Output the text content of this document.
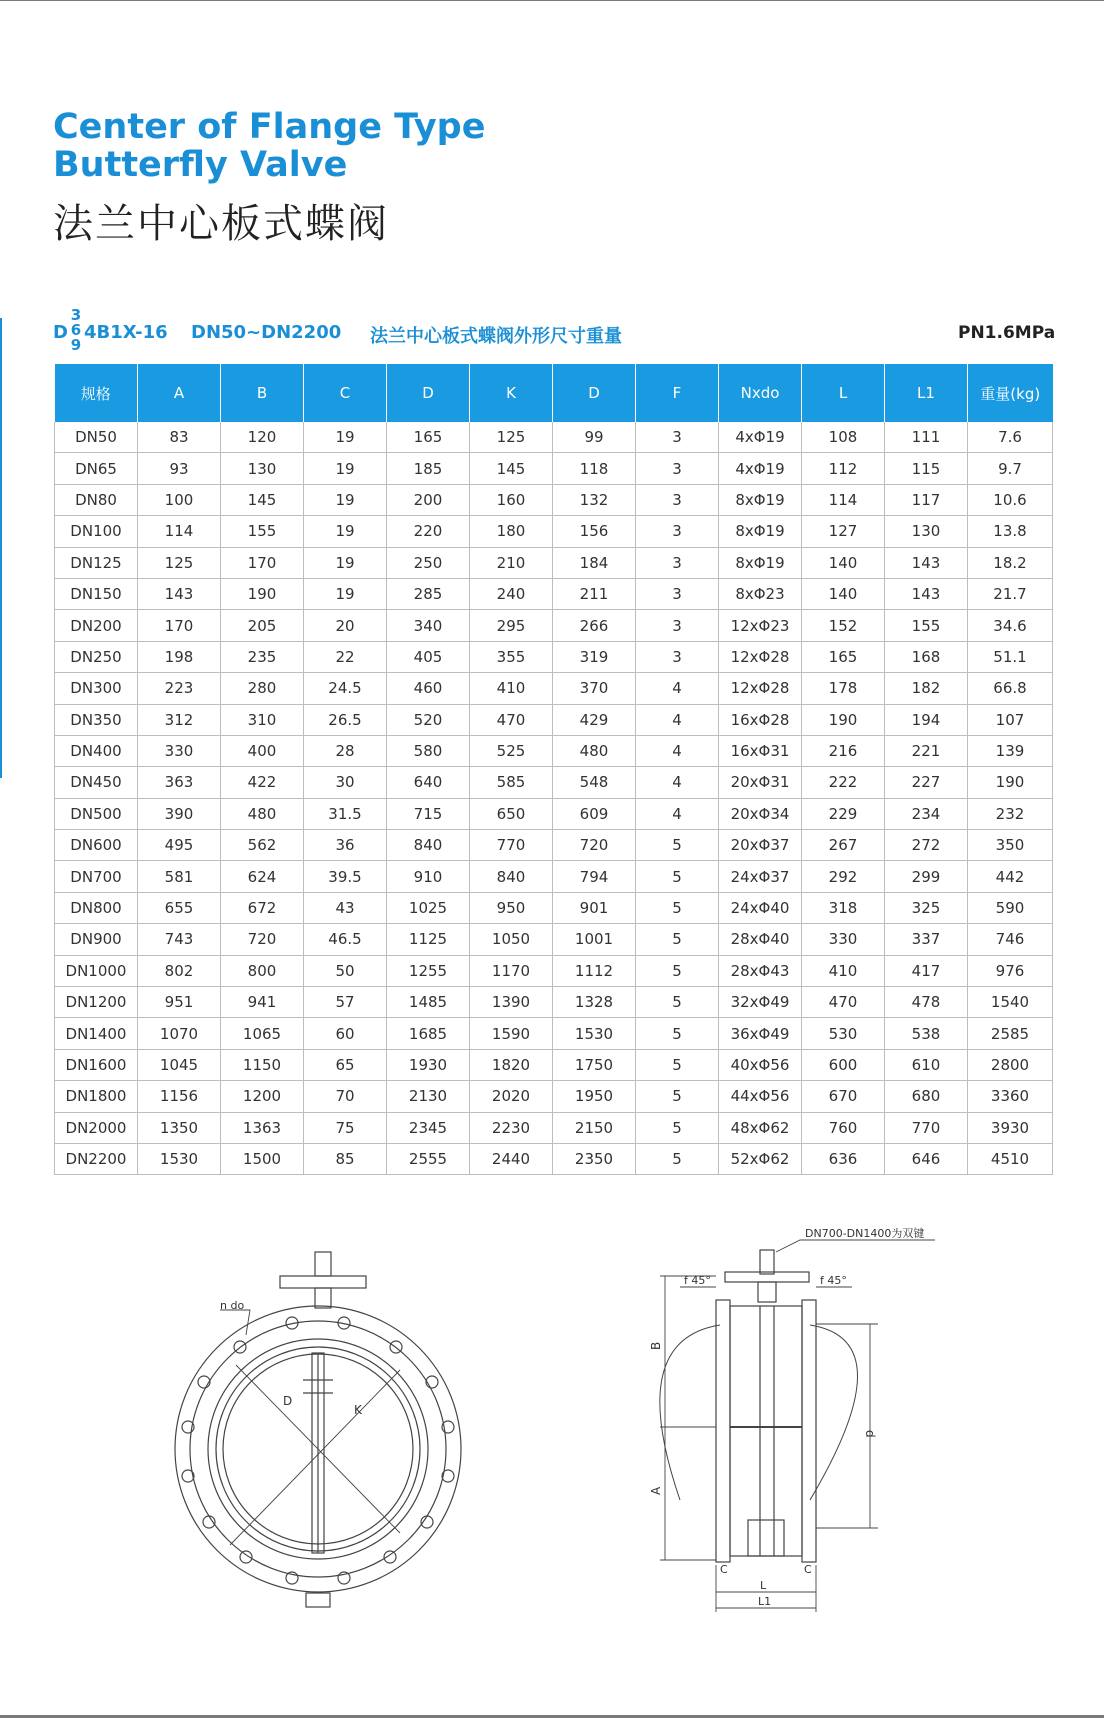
Center of Flange Type
Butterfly Valve
法兰中心板式蝶阀
D
3
6
9
4B1X-16 DN50~DN2200 法兰中心板式蝶阀外形尺寸重量	PN1.6MPa
规格	A	B	C	D	K	D	F	Nxdo	L	L1	重量(kg)
DN50	83	120	19	165	125	99	3	4xΦ19	108	111	7.6
DN65	93	130	19	185	145	118	3	4xΦ19	112	115	9.7
DN80	100	145	19	200	160	132	3	8xΦ19	114	117	10.6
DN100	114	155	19	220	180	156	3	8xΦ19	127	130	13.8
DN125	125	170	19	250	210	184	3	8xΦ19	140	143	18.2
DN150	143	190	19	285	240	211	3	8xΦ23	140	143	21.7
DN200	170	205	20	340	295	266	3	12xΦ23	152	155	34.6
DN250	198	235	22	405	355	319	3	12xΦ28	165	168	51.1
DN300	223	280	24.5	460	410	370	4	12xΦ28	178	182	66.8
DN350	312	310	26.5	520	470	429	4	16xΦ28	190	194	107
DN400	330	400	28	580	525	480	4	16xΦ31	216	221	139
DN450	363	422	30	640	585	548	4	20xΦ31	222	227	190
DN500	390	480	31.5	715	650	609	4	20xΦ34	229	234	232
DN600	495	562	36	840	770	720	5	20xΦ37	267	272	350
DN700	581	624	39.5	910	840	794	5	24xΦ37	292	299	442
DN800	655	672	43	1025	950	901	5	24xΦ40	318	325	590
DN900	743	720	46.5	1125	1050	1001	5	28xΦ40	330	337	746
DN1000	802	800	50	1255	1170	1112	5	28xΦ43	410	417	976
DN1200	951	941	57	1485	1390	1328	5	32xΦ49	470	478	1540
DN1400	1070	1065	60	1685	1590	1530	5	36xΦ49	530	538	2585
DN1600	1045	1150	65	1930	1820	1750	5	40xΦ56	600	610	2800
DN1800	1156	1200	70	2130	2020	1950	5	44xΦ56	670	680	3360
DN2000	1350	1363	75	2345	2230	2150	5	48xΦ62	760	770	3930
DN2200	1530	1500	85	2555	2440	2350	5	52xΦ62	636	646	4510
n do
D
K
DN700-DN1400为双键
f 45°	f 45°
B
A
d
C	C
L
L1
